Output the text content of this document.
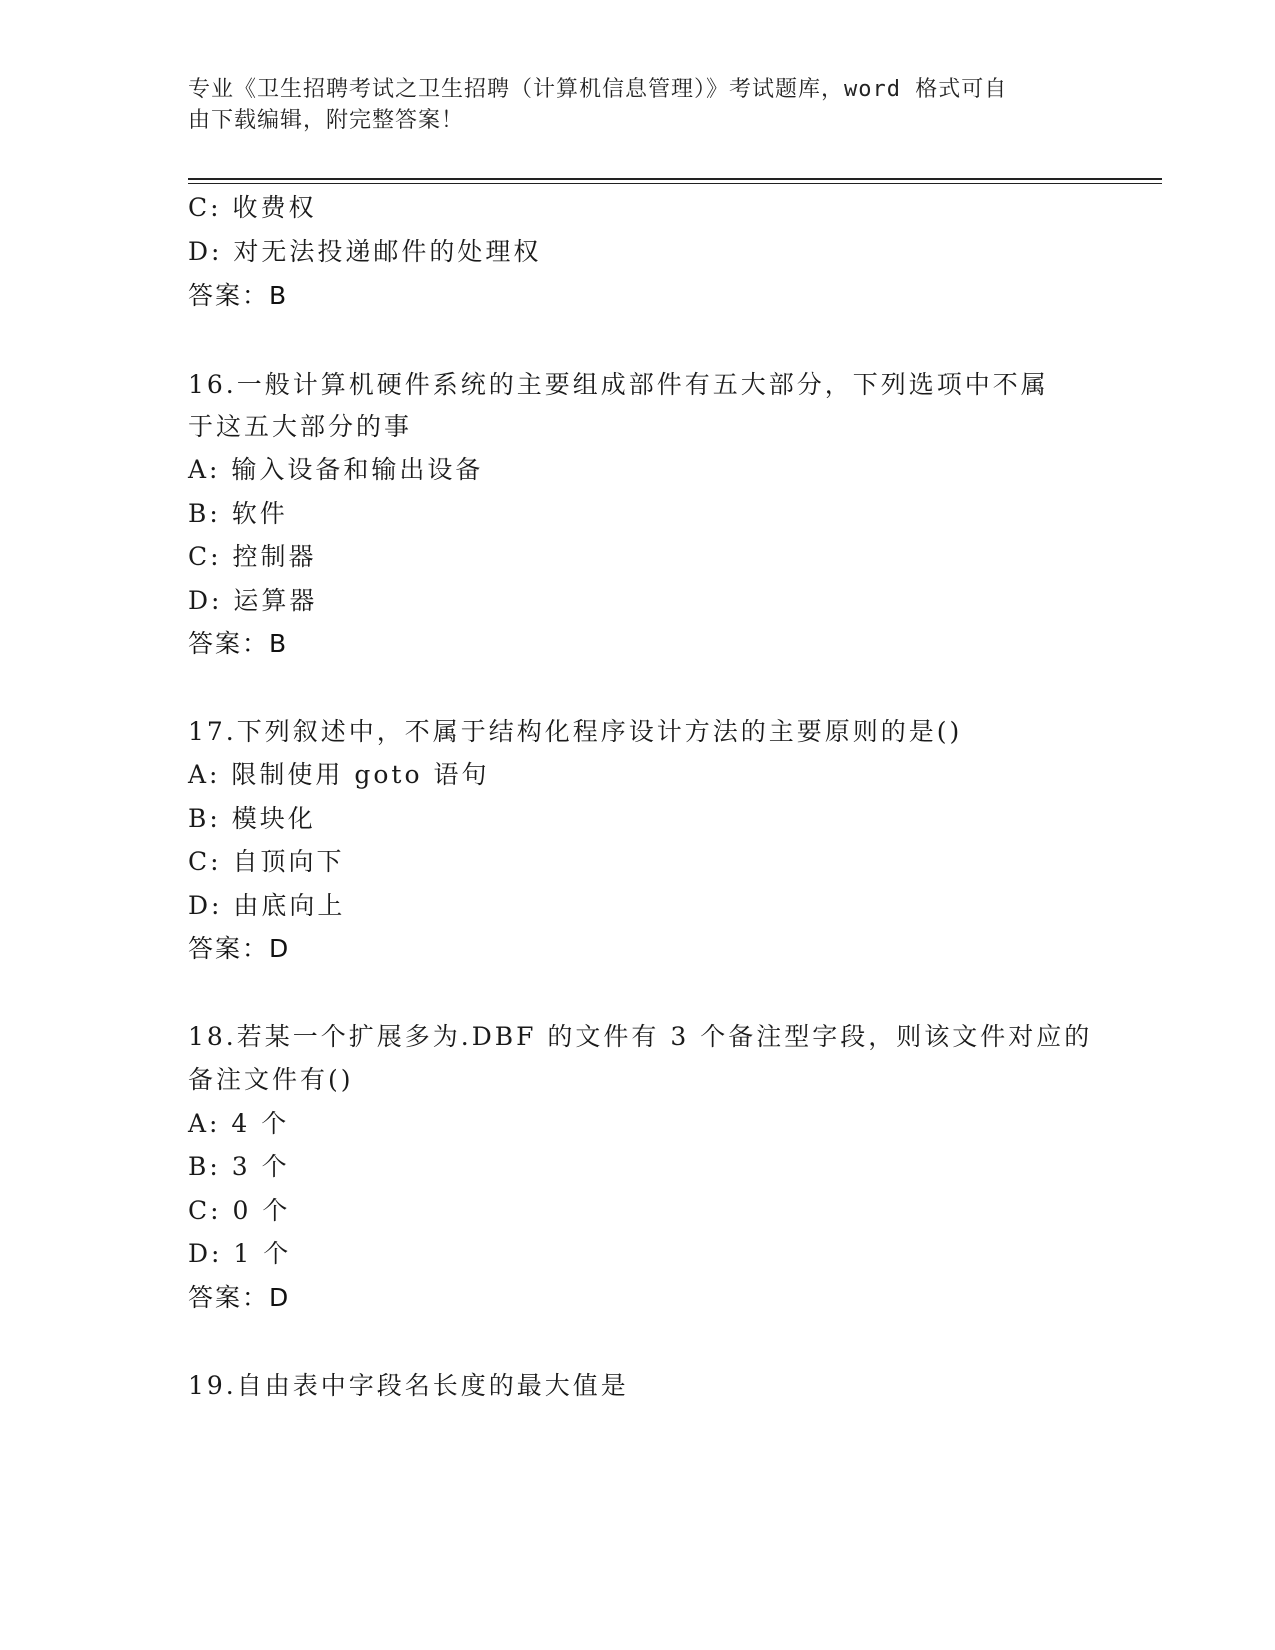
专业《卫生招聘考试之卫生招聘（计算机信息管理）》考试题库，word 格式可自
由下载编辑，附完整答案！
C: 收费权
D: 对无法投递邮件的处理权
答案：B
16.一般计算机硬件系统的主要组成部件有五大部分，下列选项中不属
于这五大部分的事
A: 输入设备和输出设备
B: 软件
C: 控制器
D: 运算器
答案：B
17.下列叙述中，不属于结构化程序设计方法的主要原则的是()
A: 限制使用 goto 语句
B: 模块化
C: 自顶向下
D: 由底向上
答案：D
18.若某一个扩展多为.DBF 的文件有 3 个备注型字段，则该文件对应的
备注文件有()
A: 4 个
B: 3 个
C: 0 个
D: 1 个
答案：D
19.自由表中字段名长度的最大值是
